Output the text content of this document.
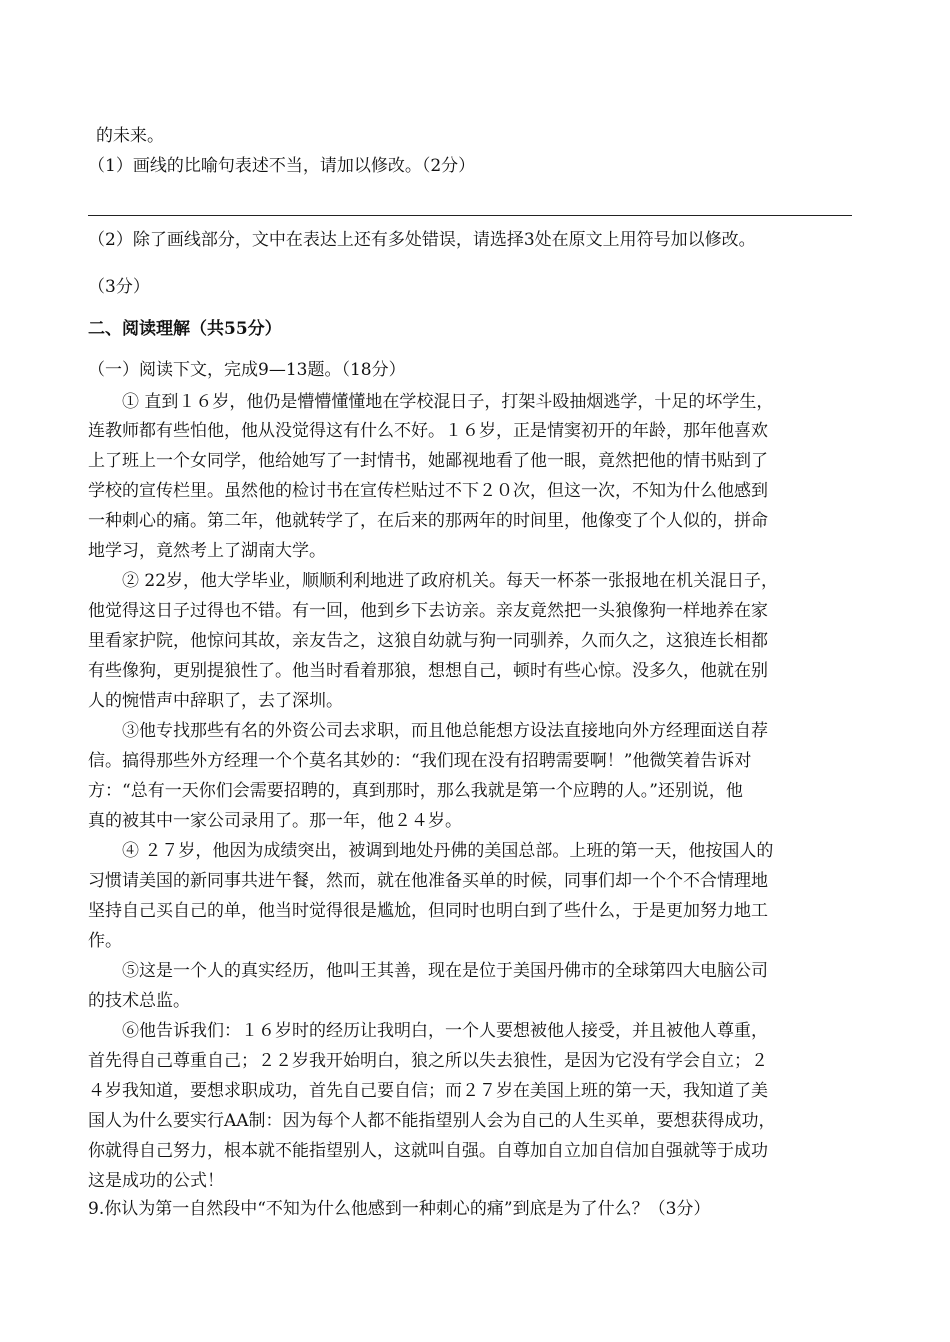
的未来。
（1）画线的比喻句表述不当，请加以修改。（2分）
（2）除了画线部分，文中在表达上还有多处错误，请选择3处在原文上用符号加以修改。
（3分）
二、阅读理解（共55分）
（一）阅读下文，完成9—13题。（18分）
① 直到１６岁，他仍是懵懵懂懂地在学校混日子，打架斗殴抽烟逃学，十足的坏学生，
连教师都有些怕他，他从没觉得这有什么不好。１６岁，正是情窦初开的年龄，那年他喜欢
上了班上一个女同学，他给她写了一封情书，她鄙视地看了他一眼，竟然把他的情书贴到了
学校的宣传栏里。虽然他的检讨书在宣传栏贴过不下２０次，但这一次，不知为什么他感到
一种刺心的痛。第二年，他就转学了，在后来的那两年的时间里，他像变了个人似的，拼命
地学习，竟然考上了湖南大学。
② 22岁，他大学毕业，顺顺利利地进了政府机关。每天一杯茶一张报地在机关混日子，
他觉得这日子过得也不错。有一回，他到乡下去访亲。亲友竟然把一头狼像狗一样地养在家
里看家护院，他惊问其故，亲友告之，这狼自幼就与狗一同驯养，久而久之，这狼连长相都
有些像狗，更别提狼性了。他当时看着那狼，想想自己，顿时有些心惊。没多久，他就在别
人的惋惜声中辞职了，去了深圳。
③他专找那些有名的外资公司去求职，而且他总能想方设法直接地向外方经理面送自荐
信。搞得那些外方经理一个个莫名其妙的：“我们现在没有招聘需要啊！”他微笑着告诉对
方：“总有一天你们会需要招聘的，真到那时，那么我就是第一个应聘的人。”还别说，他
真的被其中一家公司录用了。那一年，他２４岁。
④ ２７岁，他因为成绩突出，被调到地处丹佛的美国总部。上班的第一天，他按国人的
习惯请美国的新同事共进午餐，然而，就在他准备买单的时候，同事们却一个个不合情理地
坚持自己买自己的单，他当时觉得很是尴尬，但同时也明白到了些什么，于是更加努力地工
作。
⑤这是一个人的真实经历，他叫王其善，现在是位于美国丹佛市的全球第四大电脑公司
的技术总监。
⑥他告诉我们：１６岁时的经历让我明白，一个人要想被他人接受，并且被他人尊重，
首先得自己尊重自己；２２岁我开始明白，狼之所以失去狼性，是因为它没有学会自立；２
４岁我知道，要想求职成功，首先自己要自信；而２７岁在美国上班的第一天，我知道了美
国人为什么要实行AA制：因为每个人都不能指望别人会为自己的人生买单，要想获得成功，
你就得自己努力，根本就不能指望别人，这就叫自强。自尊加自立加自信加自强就等于成功
这是成功的公式！
9.你认为第一自然段中“不知为什么他感到一种刺心的痛”到底是为了什么？（3分）
